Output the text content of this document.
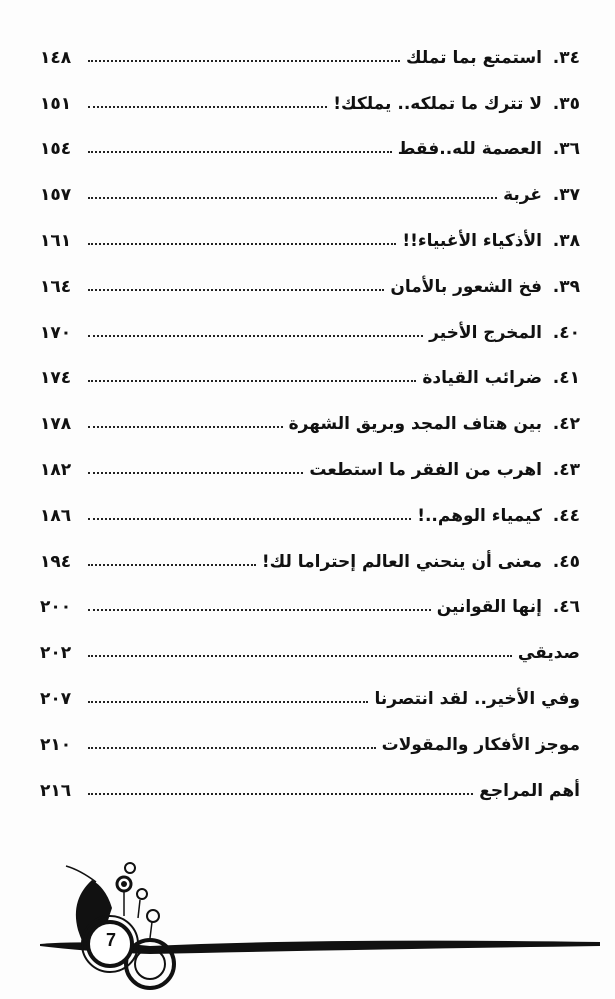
٣٤.
استمتع بما تملك
١٤٨
٣٥.
لا تترك ما تملكه.. يملكك!
١٥١
٣٦.
العصمة لله..فقط
١٥٤
٣٧.
غربة
١٥٧
٣٨.
الأذكياء الأغبياء!!
١٦١
٣٩.
فخ الشعور بالأمان
١٦٤
٤٠.
المخرج الأخير
١٧٠
٤١.
ضرائب القيادة
١٧٤
٤٢.
بين هتاف المجد وبريق الشهرة
١٧٨
٤٣.
اهرب من الفقر ما استطعت
١٨٢
٤٤.
كيمياء الوهم..!
١٨٦
٤٥.
معنى أن ينحني العالم إحتراما لك!
١٩٤
٤٦.
إنها القوانين
٢٠٠
صديقي
٢٠٢
وفي الأخير.. لقد انتصرنا
٢٠٧
موجز الأفكار والمقولات
٢١٠
أهم المراجع
٢١٦
7
